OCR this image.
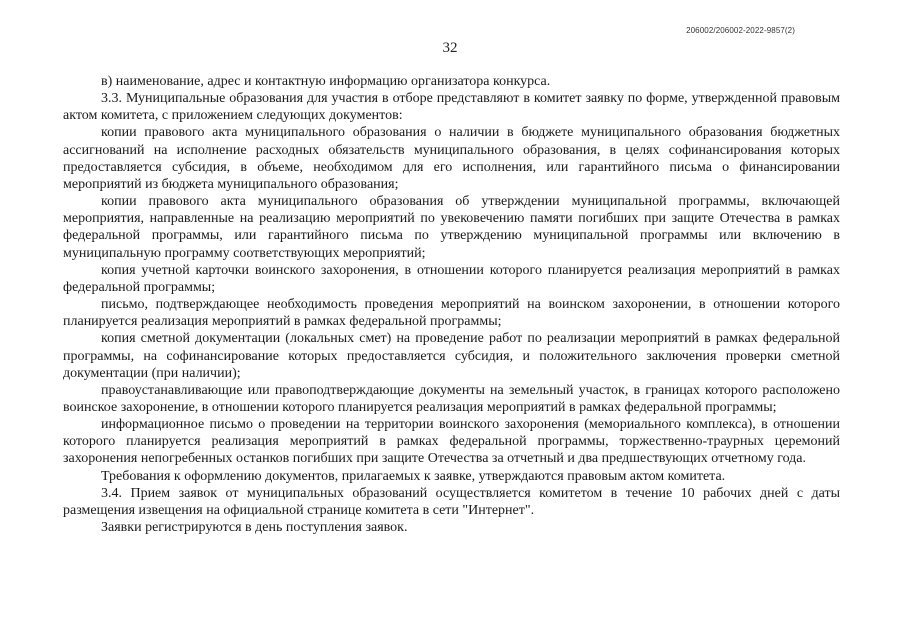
206002/206002-2022-9857(2)
32

в) наименование, адрес и контактную информацию организатора конкурса.

3.3. Муниципальные образования для участия в отборе представляют в комитет заявку по форме, утвержденной правовым актом комитета, с приложением следующих документов:

копии правового акта муниципального образования о наличии в бюджете муниципального образования бюджетных ассигнований на исполнение расходных обязательств муниципального образования, в целях софинансирования которых предоставляется субсидия, в объеме, необходимом для его исполнения, или гарантийного письма о финансировании мероприятий из бюджета муниципального образования;

копии правового акта муниципального образования об утверждении муниципальной программы, включающей мероприятия, направленные на реализацию мероприятий по увековечению памяти погибших при защите Отечества в рамках федеральной программы, или гарантийного письма по утверждению муниципальной программы или включению в муниципальную программу соответствующих мероприятий;

копия учетной карточки воинского захоронения, в отношении которого планируется реализация мероприятий в рамках федеральной программы;

письмо, подтверждающее необходимость проведения мероприятий на воинском захоронении, в отношении которого планируется реализация мероприятий в рамках федеральной программы;

копия сметной документации (локальных смет) на проведение работ по реализации мероприятий в рамках федеральной программы, на софинансирование которых предоставляется субсидия, и положительного заключения проверки сметной документации (при наличии);

правоустанавливающие или правоподтверждающие документы на земельный участок, в границах которого расположено воинское захоронение, в отношении которого планируется реализация мероприятий в рамках федеральной программы;

информационное письмо о проведении на территории воинского захоронения (мемориального комплекса), в отношении которого планируется реализация мероприятий в рамках федеральной программы, торжественно-траурных церемоний захоронения непогребенных останков погибших при защите Отечества за отчетный и два предшествующих отчетному года.

Требования к оформлению документов, прилагаемых к заявке, утверждаются правовым актом комитета.

3.4. Прием заявок от муниципальных образований осуществляется комитетом в течение 10 рабочих дней с даты размещения извещения на официальной странице комитета в сети "Интернет".

Заявки регистрируются в день поступления заявок.
